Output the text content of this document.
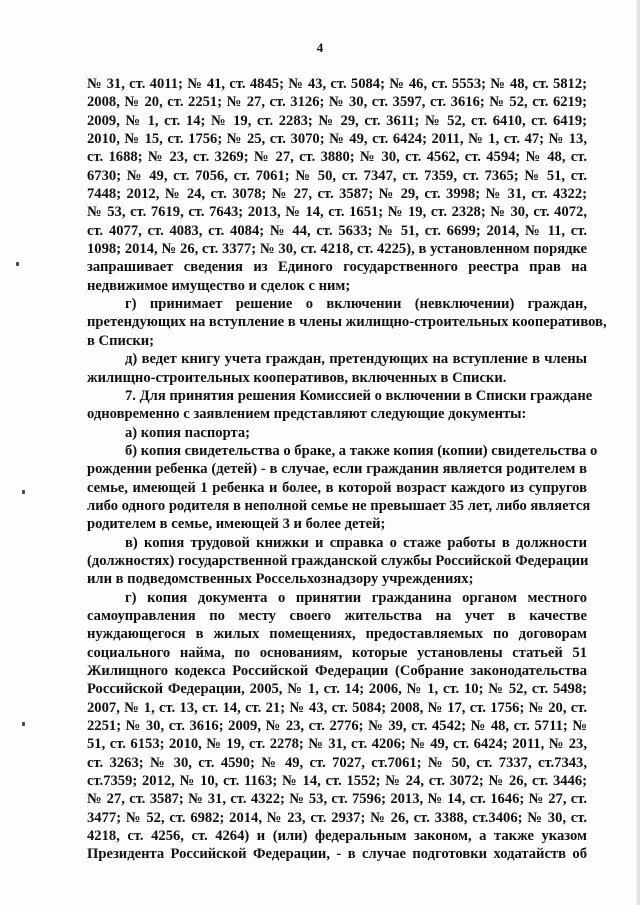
4
№ 31, ст. 4011; № 41, ст. 4845; № 43, ст. 5084; № 46, ст. 5553; № 48, ст. 5812;
2008, № 20, ст. 2251; № 27, ст. 3126; № 30, ст. 3597, ст. 3616; № 52, ст. 6219;
2009, № 1, ст. 14; № 19, ст. 2283; № 29, ст. 3611; № 52, ст. 6410, ст. 6419;
2010, № 15, ст. 1756; № 25, ст. 3070; № 49, ст. 6424; 2011, № 1, ст. 47; № 13,
ст. 1688; № 23, ст. 3269; № 27, ст. 3880; № 30, ст. 4562, ст. 4594; № 48, ст.
6730; № 49, ст. 7056, ст. 7061; № 50, ст. 7347, ст. 7359, ст. 7365; № 51, ст.
7448; 2012, № 24, ст. 3078; № 27, ст. 3587; № 29, ст. 3998; № 31, ст. 4322;
№ 53, ст. 7619, ст. 7643; 2013, № 14, ст. 1651; № 19, ст. 2328; № 30, ст. 4072,
ст. 4077, ст. 4083, ст. 4084; № 44, ст. 5633; № 51, ст. 6699; 2014, № 11, ст.
1098; 2014, № 26, ст. 3377; № 30, ст. 4218, ст. 4225), в установленном порядке
запрашивает сведения из Единого государственного реестра прав на
недвижимое имущество и сделок с ним;
г) принимает решение о включении (невключении) граждан,
претендующих на вступление в члены жилищно-строительных кооперативов,
в Списки;
д) ведет книгу учета граждан, претендующих на вступление в члены
жилищно-строительных кооперативов, включенных в Списки.
7. Для принятия решения Комиссией о включении в Списки граждане
одновременно с заявлением представляют следующие документы:
а) копия паспорта;
б) копия свидетельства о браке, а также копия (копии) свидетельства о
рождении ребенка (детей) - в случае, если гражданин является родителем в
семье, имеющей 1 ребенка и более, в которой возраст каждого из супругов
либо одного родителя в неполной семье не превышает 35 лет, либо является
родителем в семье, имеющей 3 и более детей;
в) копия трудовой книжки и справка о стаже работы в должности
(должностях) государственной гражданской службы Российской Федерации
или в подведомственных Россельхознадзору учреждениях;
г) копия документа о принятии гражданина органом местного
самоуправления по месту своего жительства на учет в качестве
нуждающегося в жилых помещениях, предоставляемых по договорам
социального найма, по основаниям, которые установлены статьей 51
Жилищного кодекса Российской Федерации (Собрание законодательства
Российской Федерации, 2005, № 1, ст. 14; 2006, № 1, ст. 10; № 52, ст. 5498;
2007, № 1, ст. 13, ст. 14, ст. 21; № 43, ст. 5084; 2008, № 17, ст. 1756; № 20, ст.
2251; № 30, ст. 3616; 2009, № 23, ст. 2776; № 39, ст. 4542; № 48, ст. 5711; №
51, ст. 6153; 2010, № 19, ст. 2278; № 31, ст. 4206; № 49, ст. 6424; 2011, № 23,
ст. 3263; № 30, ст. 4590; № 49, ст. 7027, ст.7061; № 50, ст. 7337, ст.7343,
ст.7359; 2012, № 10, ст. 1163; № 14, ст. 1552; № 24, ст. 3072; № 26, ст. 3446;
№ 27, ст. 3587; № 31, ст. 4322; № 53, ст. 7596; 2013, № 14, ст. 1646; № 27, ст.
3477; № 52, ст. 6982; 2014, № 23, ст. 2937; № 26, ст. 3388, ст.3406; № 30, ст.
4218, ст. 4256, ст. 4264) и (или) федеральным законом, а также указом
Президента Российской Федерации, - в случае подготовки ходатайств об
